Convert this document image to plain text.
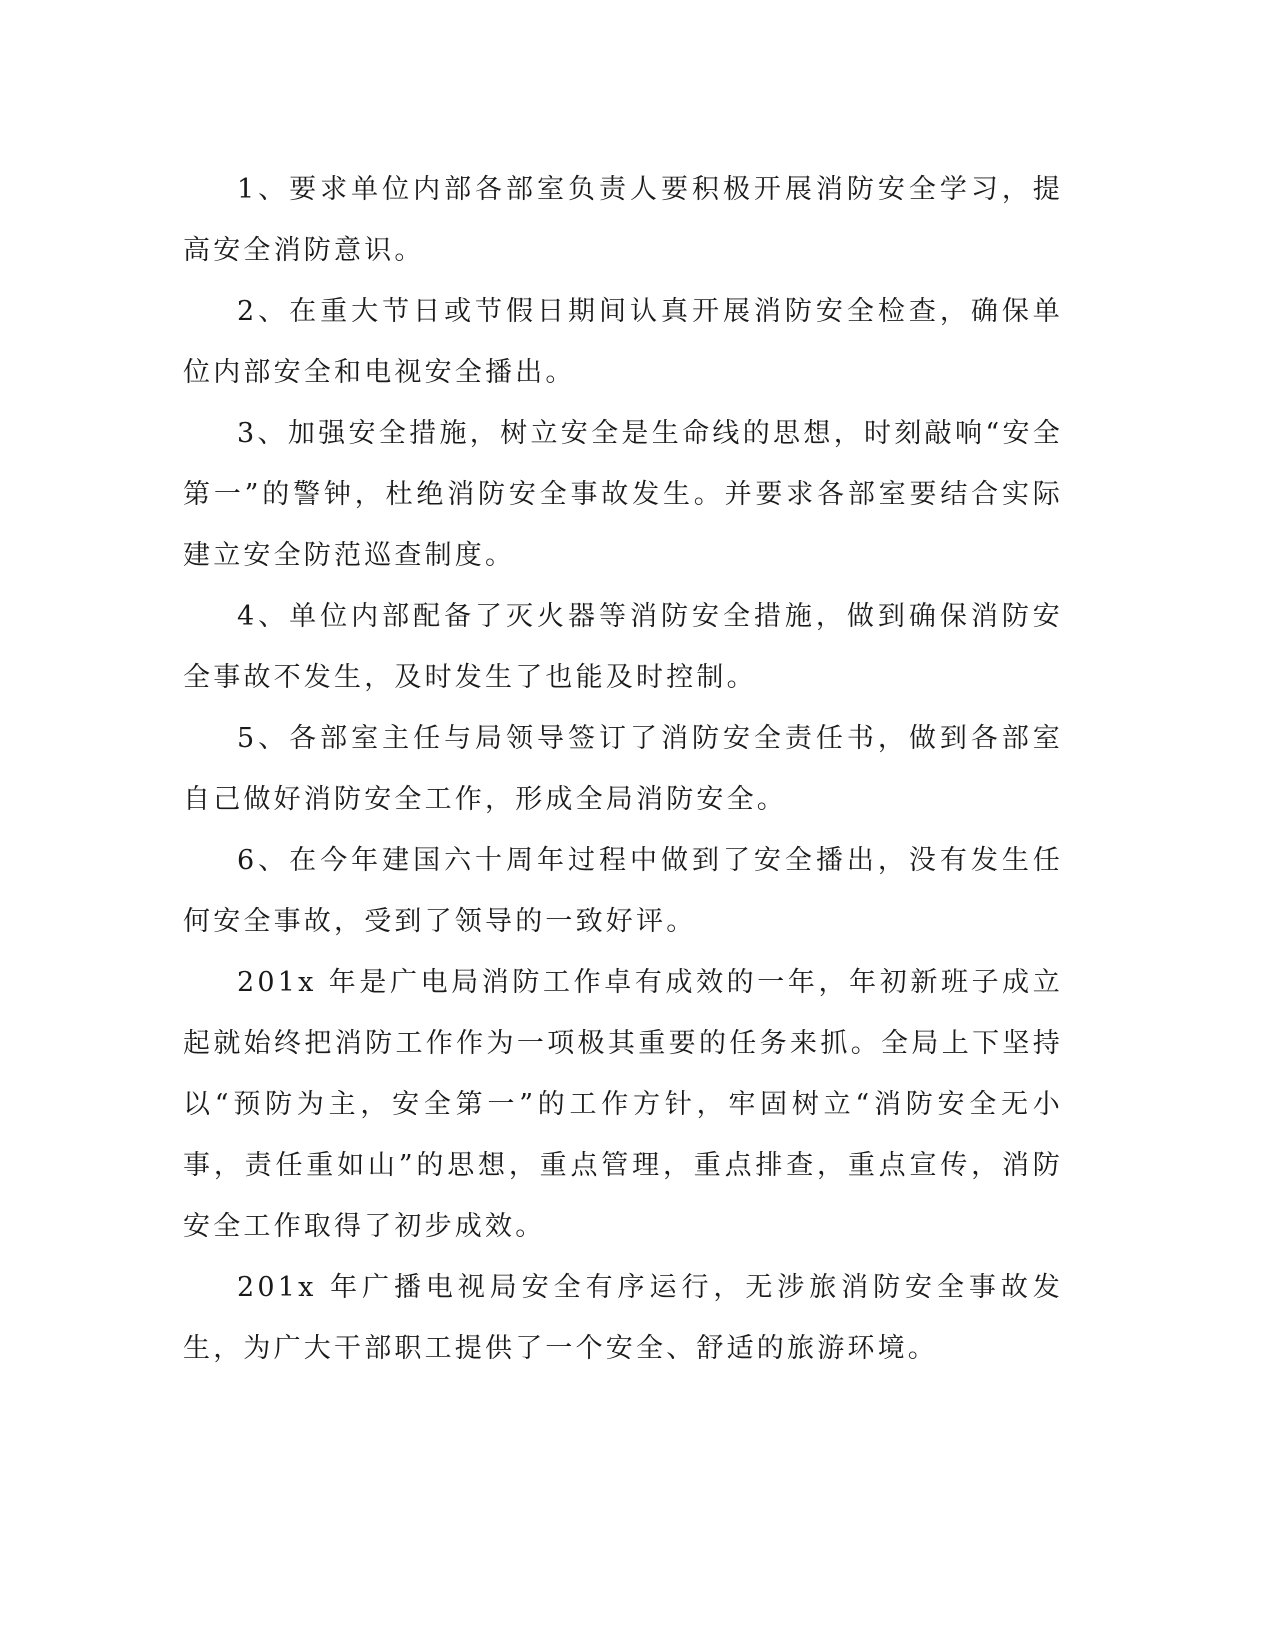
1、要求单位内部各部室负责人要积极开展消防安全学习，提高安全消防意识。

2、在重大节日或节假日期间认真开展消防安全检查，确保单位内部安全和电视安全播出。

3、加强安全措施，树立安全是生命线的思想，时刻敲响“安全第一”的警钟，杜绝消防安全事故发生。并要求各部室要结合实际建立安全防范巡查制度。

4、单位内部配备了灭火器等消防安全措施，做到确保消防安全事故不发生，及时发生了也能及时控制。

5、各部室主任与局领导签订了消防安全责任书，做到各部室自己做好消防安全工作，形成全局消防安全。

6、在今年建国六十周年过程中做到了安全播出，没有发生任何安全事故，受到了领导的一致好评。

201x 年是广电局消防工作卓有成效的一年，年初新班子成立起就始终把消防工作作为一项极其重要的任务来抓。全局上下坚持以“预防为主，安全第一”的工作方针，牢固树立“消防安全无小事，责任重如山”的思想，重点管理，重点排查，重点宣传，消防安全工作取得了初步成效。

201x 年广播电视局安全有序运行，无涉旅消防安全事故发生，为广大干部职工提供了一个安全、舒适的旅游环境。
